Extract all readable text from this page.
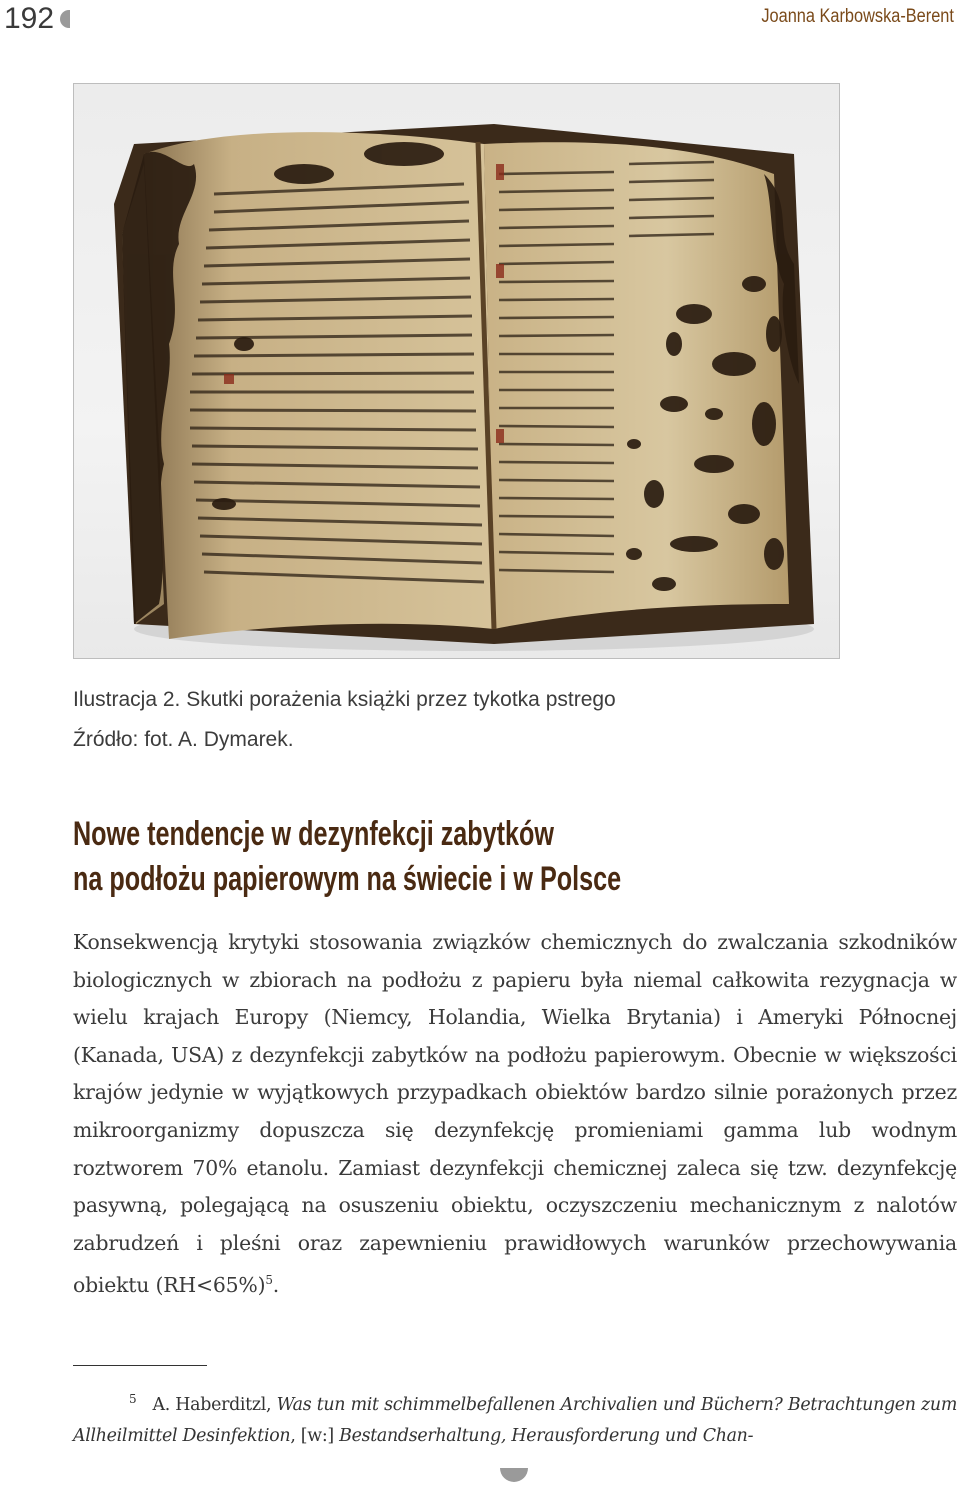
192	Joanna Karbowska-Berent
Ilustracja 2. Skutki porażenia książki przez tykotka pstrego
Źródło: fot. A. Dymarek.
Nowe tendencje w dezynfekcji zabytków
na podłożu papierowym na świecie i w Polsce

Konsekwencją krytyki stosowania związków chemicznych do zwalczania szkodników biologicznych w zbiorach na podłożu z papieru była niemal całkowita rezygnacja w wielu krajach Europy (Niemcy, Holandia, Wielka Brytania) i Ameryki Północnej (Kanada, USA) z dezynfekcji zabytków na podłożu papierowym. Obecnie w większości krajów jedynie w wyjątkowych przypadkach obiektów bardzo silnie porażonych przez mikroorganizmy dopuszcza się dezynfekcję promieniami gamma lub wodnym roztworem 70% etanolu. Zamiast dezynfekcji chemicznej zaleca się tzw. dezynfekcję pasywną, polegającą na osuszeniu obiektu, oczyszczeniu mechanicznym z nalotów zabrudzeń i pleśni oraz zapewnieniu prawidłowych warunków przechowywania obiektu (RH<65%)$^5$.

$^5$ A. Haberditzl, Was tun mit schimmelbefallenen Archivalien und Büchern? Betrachtungen zum Allheilmittel Desinfektion, [w:] Bestandserhaltung, Herausforderung und Chan-
